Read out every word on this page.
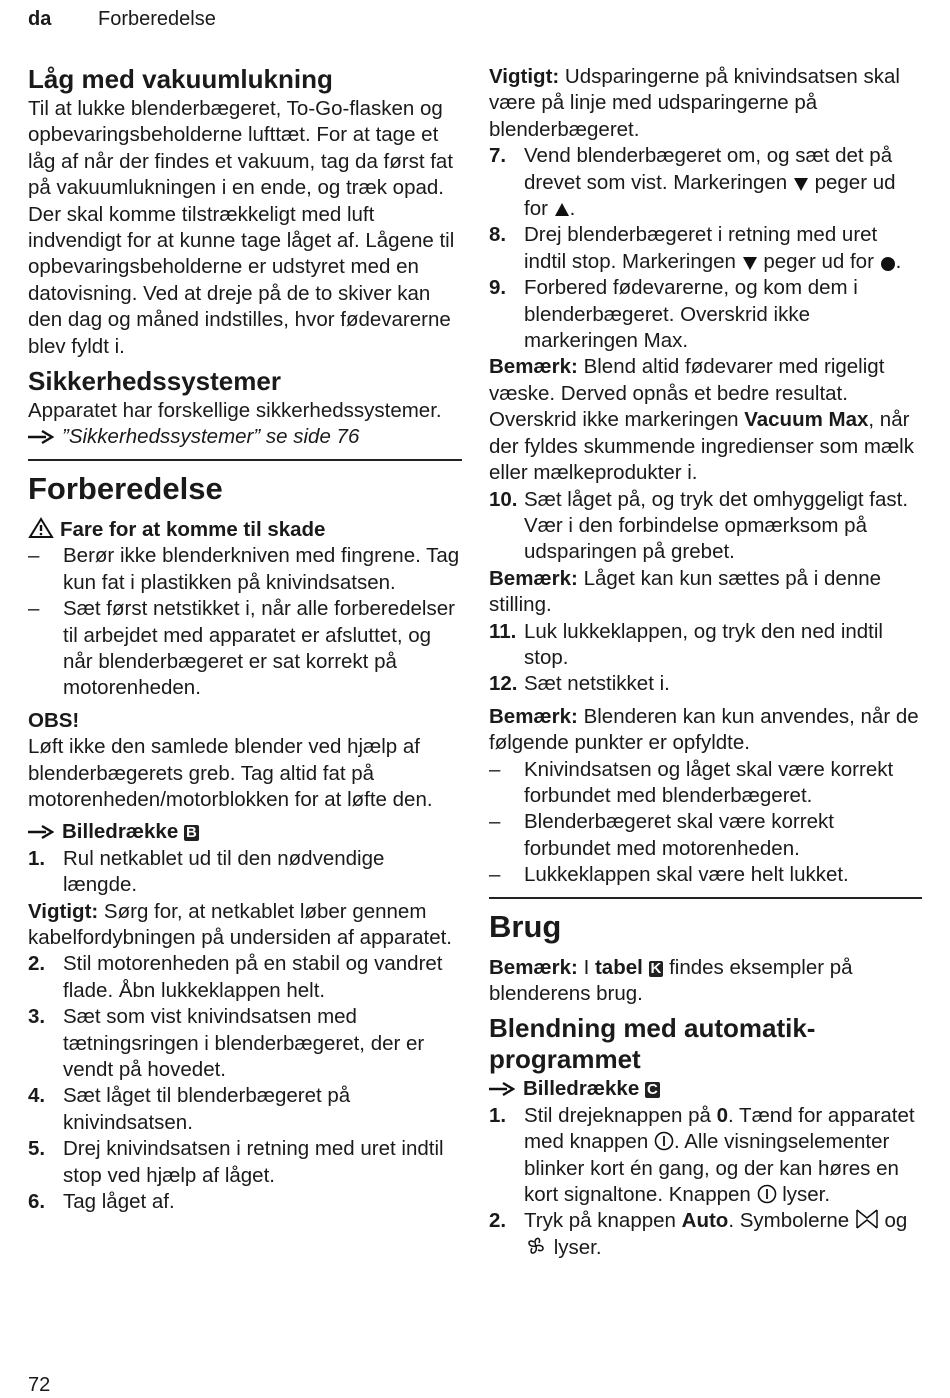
da Forberedelse
Låg med vakuumlukning

Til at lukke blenderbægeret, To-Go-flasken og opbevaringsbeholderne lufttæt. For at tage et låg af når der findes et vakuum, tag da først fat på vakuumlukningen i en ende, og træk opad. Der skal komme tilstrækkeligt med luft indvendigt for at kunne tage låget af. Lågene til opbevaringsbeholderne er udstyret med en datovisning. Ved at dreje på de to skiver kan den dag og måned indstilles, hvor fødevarerne blev fyldt i.

Sikkerhedssystemer

Apparatet har forskellige sikkerhedssystemer.

”Sikkerhedssystemer” se side 76

Forberedelse

Fare for at komme til skade

– Berør ikke blenderkniven med fingrene. Tag kun fat i plastikken på knivindsatsen.
– Sæt først netstikket i, når alle forberedelser til arbejdet med apparatet er afsluttet, og når blenderbægeret er sat korrekt på motorenheden.

OBS!

Løft ikke den samlede blender ved hjælp af blenderbægerets greb. Tag altid fat på motorenheden/motorblokken for at løfte den.

Billedrække B

1. Rul netkablet ud til den nødvendige længde.

Vigtigt: Sørg for, at netkablet løber gennem kabelfordybningen på undersiden af apparatet.

2. Stil motorenheden på en stabil og vandret flade. Åbn lukkeklappen helt.
3. Sæt som vist knivindsatsen med tætningsringen i blenderbægeret, der er vendt på hovedet.
4. Sæt låget til blenderbægeret på knivindsatsen.
5. Drej knivindsatsen i retning med uret indtil stop ved hjælp af låget.
6. Tag låget af.

Vigtigt: Udsparingerne på knivindsatsen skal være på linje med udsparingerne på blenderbægeret.

7. Vend blenderbægeret om, og sæt det på drevet som vist. Markeringen peger ud for .
8. Drej blenderbægeret i retning med uret indtil stop. Markeringen peger ud for .
9. Forbered fødevarerne, og kom dem i blenderbægeret. Overskrid ikke markeringen Max.

Bemærk: Blend altid fødevarer med rigeligt væske. Derved opnås et bedre resultat. Overskrid ikke markeringen Vacuum Max, når der fyldes skummende ingredienser som mælk eller mælkeprodukter i.

10. Sæt låget på, og tryk det omhyggeligt fast. Vær i den forbindelse opmærksom på udsparingen på grebet.

Bemærk: Låget kan kun sættes på i denne stilling.

11. Luk lukkeklappen, og tryk den ned indtil stop.
12. Sæt netstikket i.

Bemærk: Blenderen kan kun anvendes, når de følgende punkter er opfyldte.

– Knivindsatsen og låget skal være korrekt forbundet med blenderbægeret.
– Blenderbægeret skal være korrekt forbundet med motorenheden.
– Lukkeklappen skal være helt lukket.
Brug

Bemærk: I tabel K findes eksempler på blenderens brug.

Blendning med automatik-programmet

Billedrække C

1. Stil drejeknappen på 0. Tænd for apparatet med knappen . Alle visningselementer blinker kort én gang, og der kan høres en kort signaltone. Knappen lyser.
2. Tryk på knappen Auto. Symbolerne og  lyser.
72
